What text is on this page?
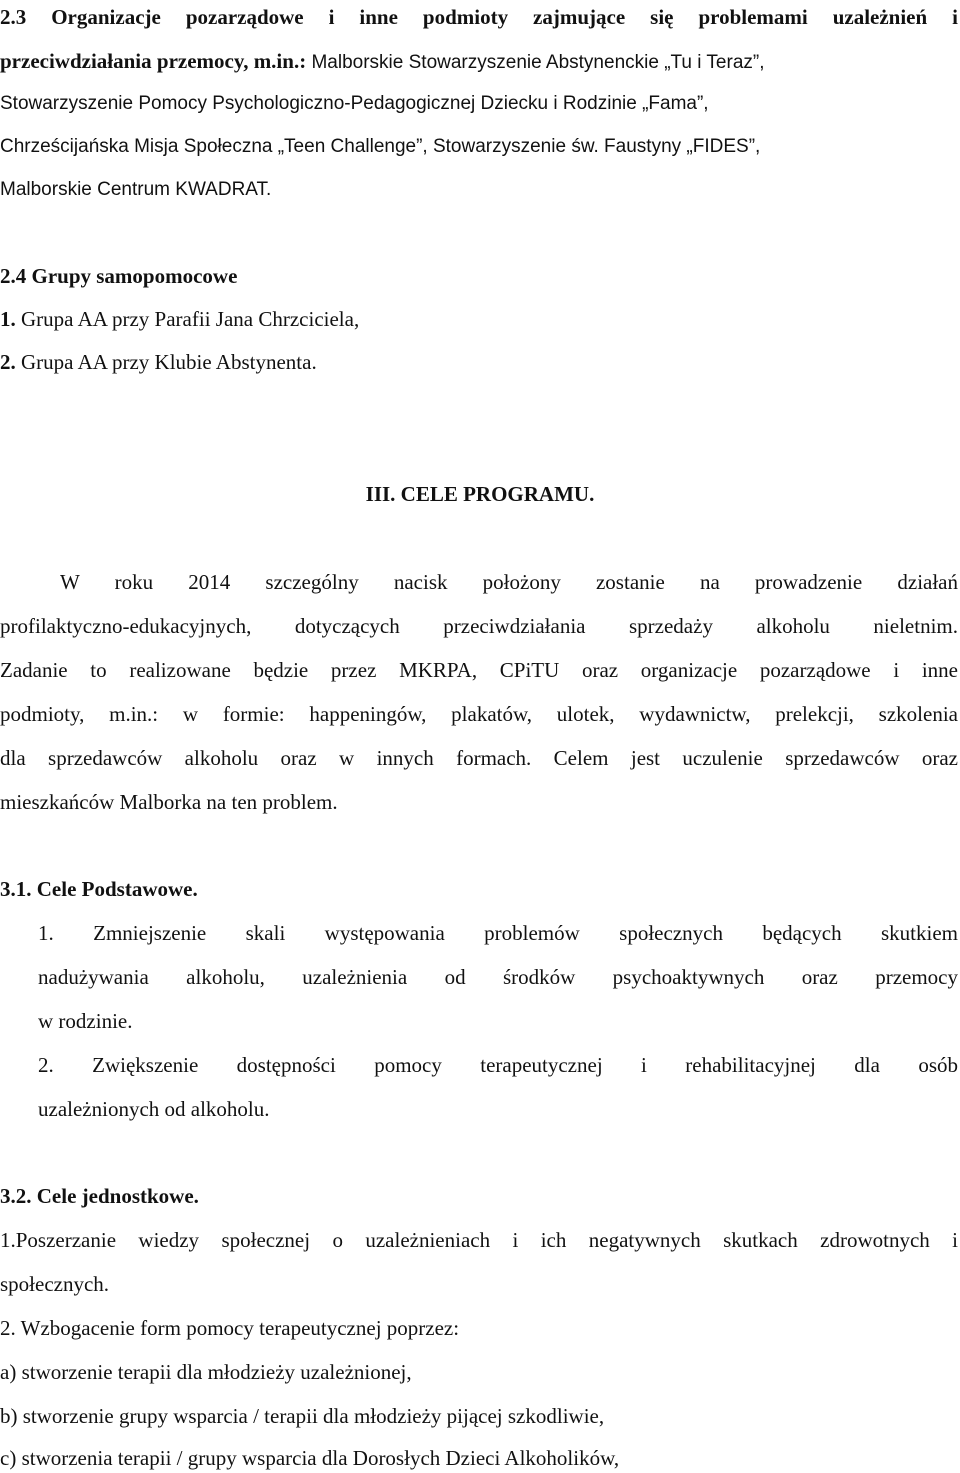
2.3 Organizacje pozarządowe i inne podmioty zajmujące się problemami uzależnień i
przeciwdziałania przemocy, m.in.: Malborskie Stowarzyszenie Abstynenckie „Tu i Teraz”,
Stowarzyszenie Pomocy Psychologiczno-Pedagogicznej Dziecku i Rodzinie „Fama”,
Chrześcijańska Misja Społeczna „Teen Challenge”, Stowarzyszenie św. Faustyny „FIDES”,
Malborskie Centrum KWADRAT.
2.4 Grupy samopomocowe
1. Grupa AA przy Parafii Jana Chrzciciela,
2. Grupa AA przy Klubie Abstynenta.
III. CELE PROGRAMU.
W roku 2014 szczególny nacisk położony zostanie na prowadzenie działań
profilaktyczno-edukacyjnych, dotyczących przeciwdziałania sprzedaży alkoholu nieletnim.
Zadanie to realizowane będzie przez MKRPA, CPiTU oraz organizacje pozarządowe i inne
podmioty, m.in.: w formie: happeningów, plakatów, ulotek, wydawnictw, prelekcji, szkolenia
dla sprzedawców alkoholu oraz w innych formach. Celem jest uczulenie sprzedawców oraz
mieszkańców Malborka na ten problem.
3.1. Cele Podstawowe.
1. Zmniejszenie skali występowania problemów społecznych będących skutkiem
nadużywania alkoholu, uzależnienia od środków psychoaktywnych oraz przemocy
w rodzinie.
2. Zwiększenie dostępności pomocy terapeutycznej i rehabilitacyjnej dla osób
uzależnionych od alkoholu.
3.2. Cele jednostkowe.
1.Poszerzanie wiedzy społecznej o uzależnieniach i ich negatywnych skutkach zdrowotnych i
społecznych.
2. Wzbogacenie form pomocy terapeutycznej poprzez:
a) stworzenie terapii dla młodzieży uzależnionej,
b) stworzenie grupy wsparcia / terapii dla młodzieży pijącej szkodliwie,
c) stworzenia terapii / grupy wsparcia dla Dorosłych Dzieci Alkoholików,
